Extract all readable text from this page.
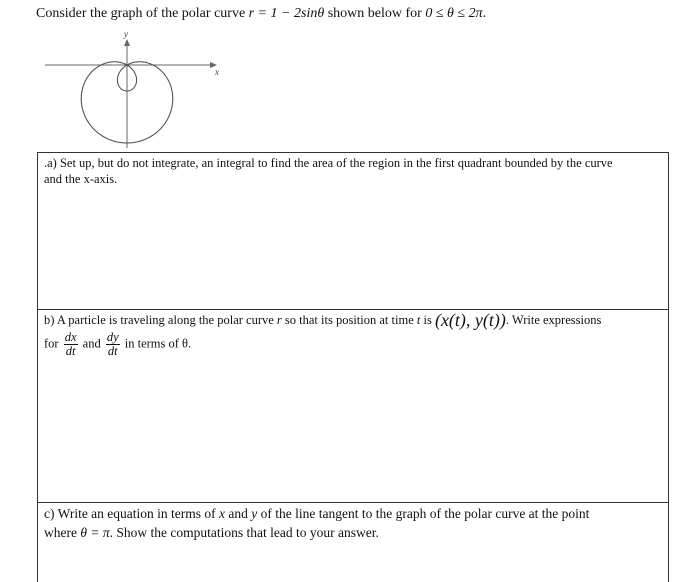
Consider the graph of the polar curve r = 1 − 2sinθ shown below for 0 ≤ θ ≤ 2π.
x
y
.a) Set up, but do not integrate, an integral to find the area of the region in the first quadrant bounded by the curve
and the x-axis.
b) A particle is traveling along the polar curve r so that its position at time t is (x(t), y(t)). Write expressions
for $\frac{dx}{dt}$ and $\frac{dy}{dt}$ in terms of θ.
c) Write an equation in terms of x and y of the line tangent to the graph of the polar curve at the point
where θ = π. Show the computations that lead to your answer.
